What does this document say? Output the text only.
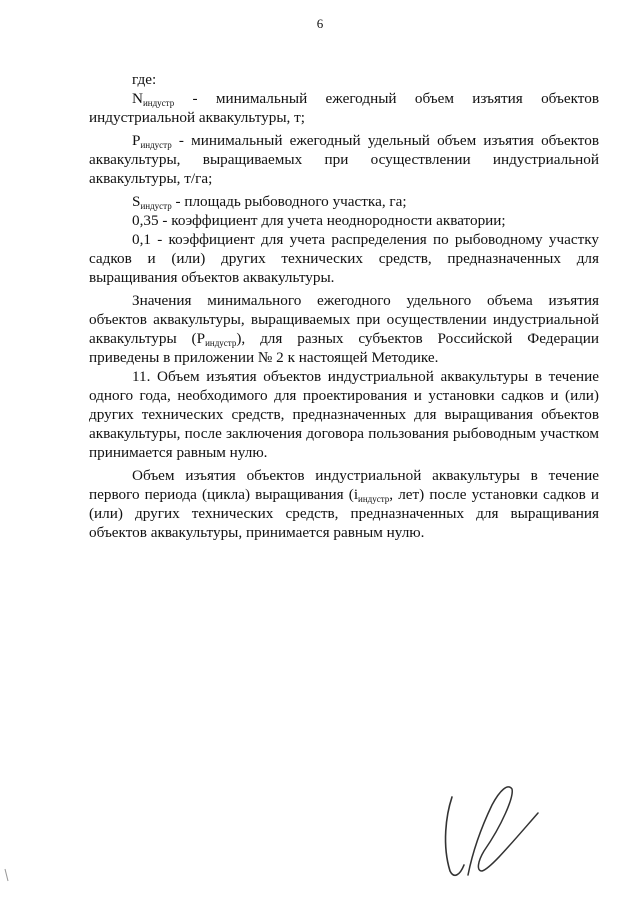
6

где:

$N_{индустр}$ - минимальный ежегодный объем изъятия объектов индустриальной аквакультуры, т;

$P_{индустр}$ - минимальный ежегодный удельный объем изъятия объектов аквакультуры, выращиваемых при осуществлении индустриальной аквакультуры, т/га;

$S_{индустр}$ - площадь рыбоводного участка, га;

0,35 - коэффициент для учета неоднородности акватории;

0,1 - коэффициент для учета распределения по рыбоводному участку садков и (или) других технических средств, предназначенных для выращивания объектов аквакультуры.

Значения минимального ежегодного удельного объема изъятия объектов аквакультуры, выращиваемых при осуществлении индустриальной аквакультуры $(P_{индустр})$, для разных субъектов Российской Федерации приведены в приложении № 2 к настоящей Методике.

11. Объем изъятия объектов индустриальной аквакультуры в течение одного года, необходимого для проектирования и установки садков и (или) других технических средств, предназначенных для выращивания объектов аквакультуры, после заключения договора пользования рыбоводным участком принимается равным нулю.

Объем изъятия объектов индустриальной аквакультуры в течение первого периода (цикла) выращивания ($i_{индустр}$, лет) после установки садков и (или) других технических средств, предназначенных для выращивания объектов аквакультуры, принимается равным нулю.
